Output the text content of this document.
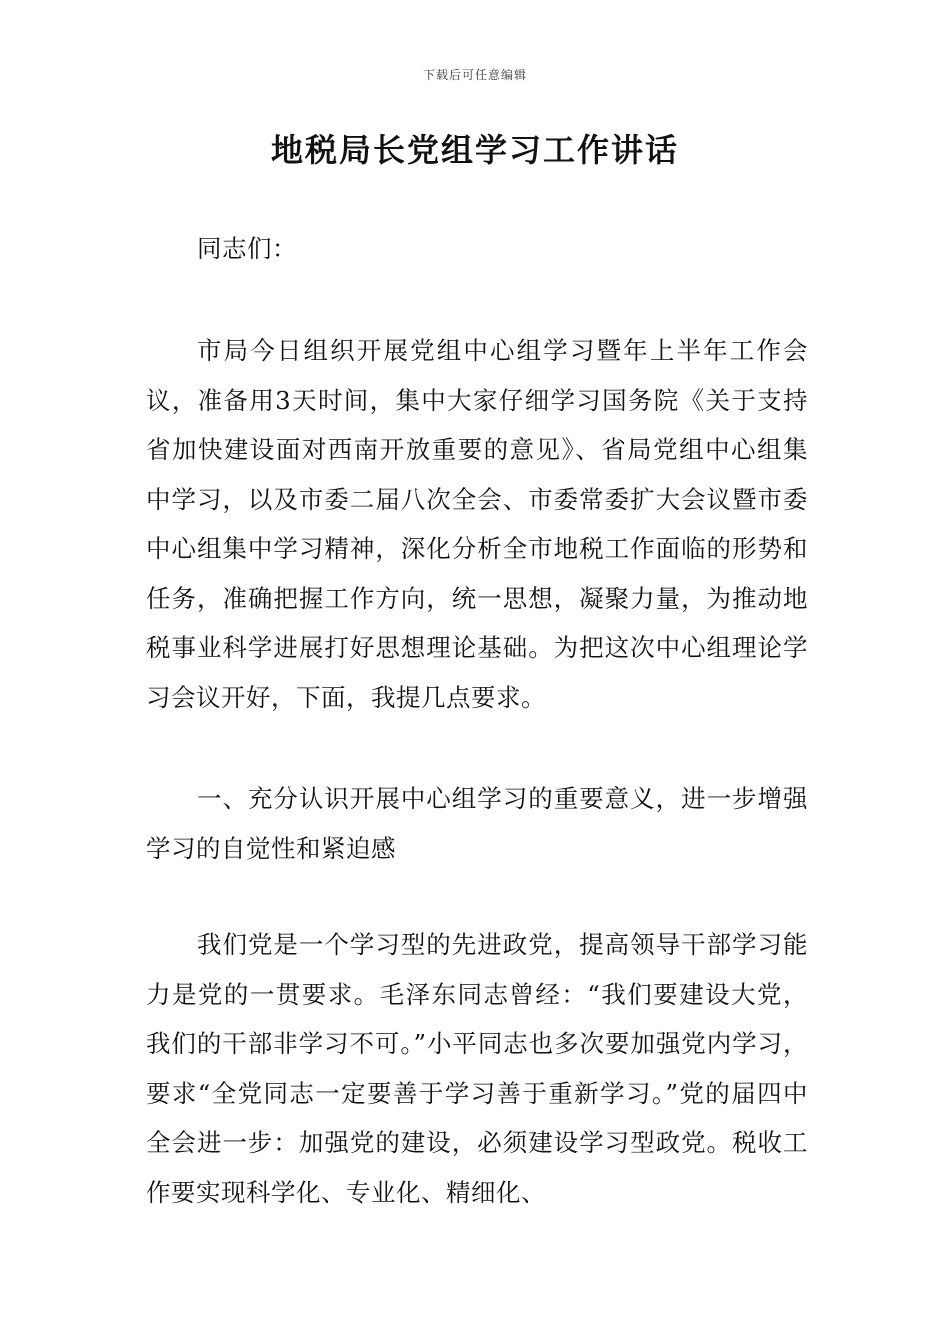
下载后可任意编辑
地税局长党组学习工作讲话

同志们：

市局今日组织开展党组中心组学习暨年上半年工作会议，准备用3天时间，集中大家仔细学习国务院《关于支持省加快建设面对西南开放重要的意见》、省局党组中心组集中学习，以及市委二届八次全会、市委常委扩大会议暨市委中心组集中学习精神，深化分析全市地税工作面临的形势和任务，准确把握工作方向，统一思想，凝聚力量，为推动地税事业科学进展打好思想理论基础。为把这次中心组理论学习会议开好，下面，我提几点要求。

一、充分认识开展中心组学习的重要意义，进一步增强学习的自觉性和紧迫感

我们党是一个学习型的先进政党，提高领导干部学习能力是党的一贯要求。毛泽东同志曾经：“我们要建设大党，我们的干部非学习不可。”小平同志也多次要加强党内学习，要求“全党同志一定要善于学习善于重新学习。”党的届四中全会进一步：加强党的建设，必须建设学习型政党。税收工作要实现科学化、专业化、精细化、
